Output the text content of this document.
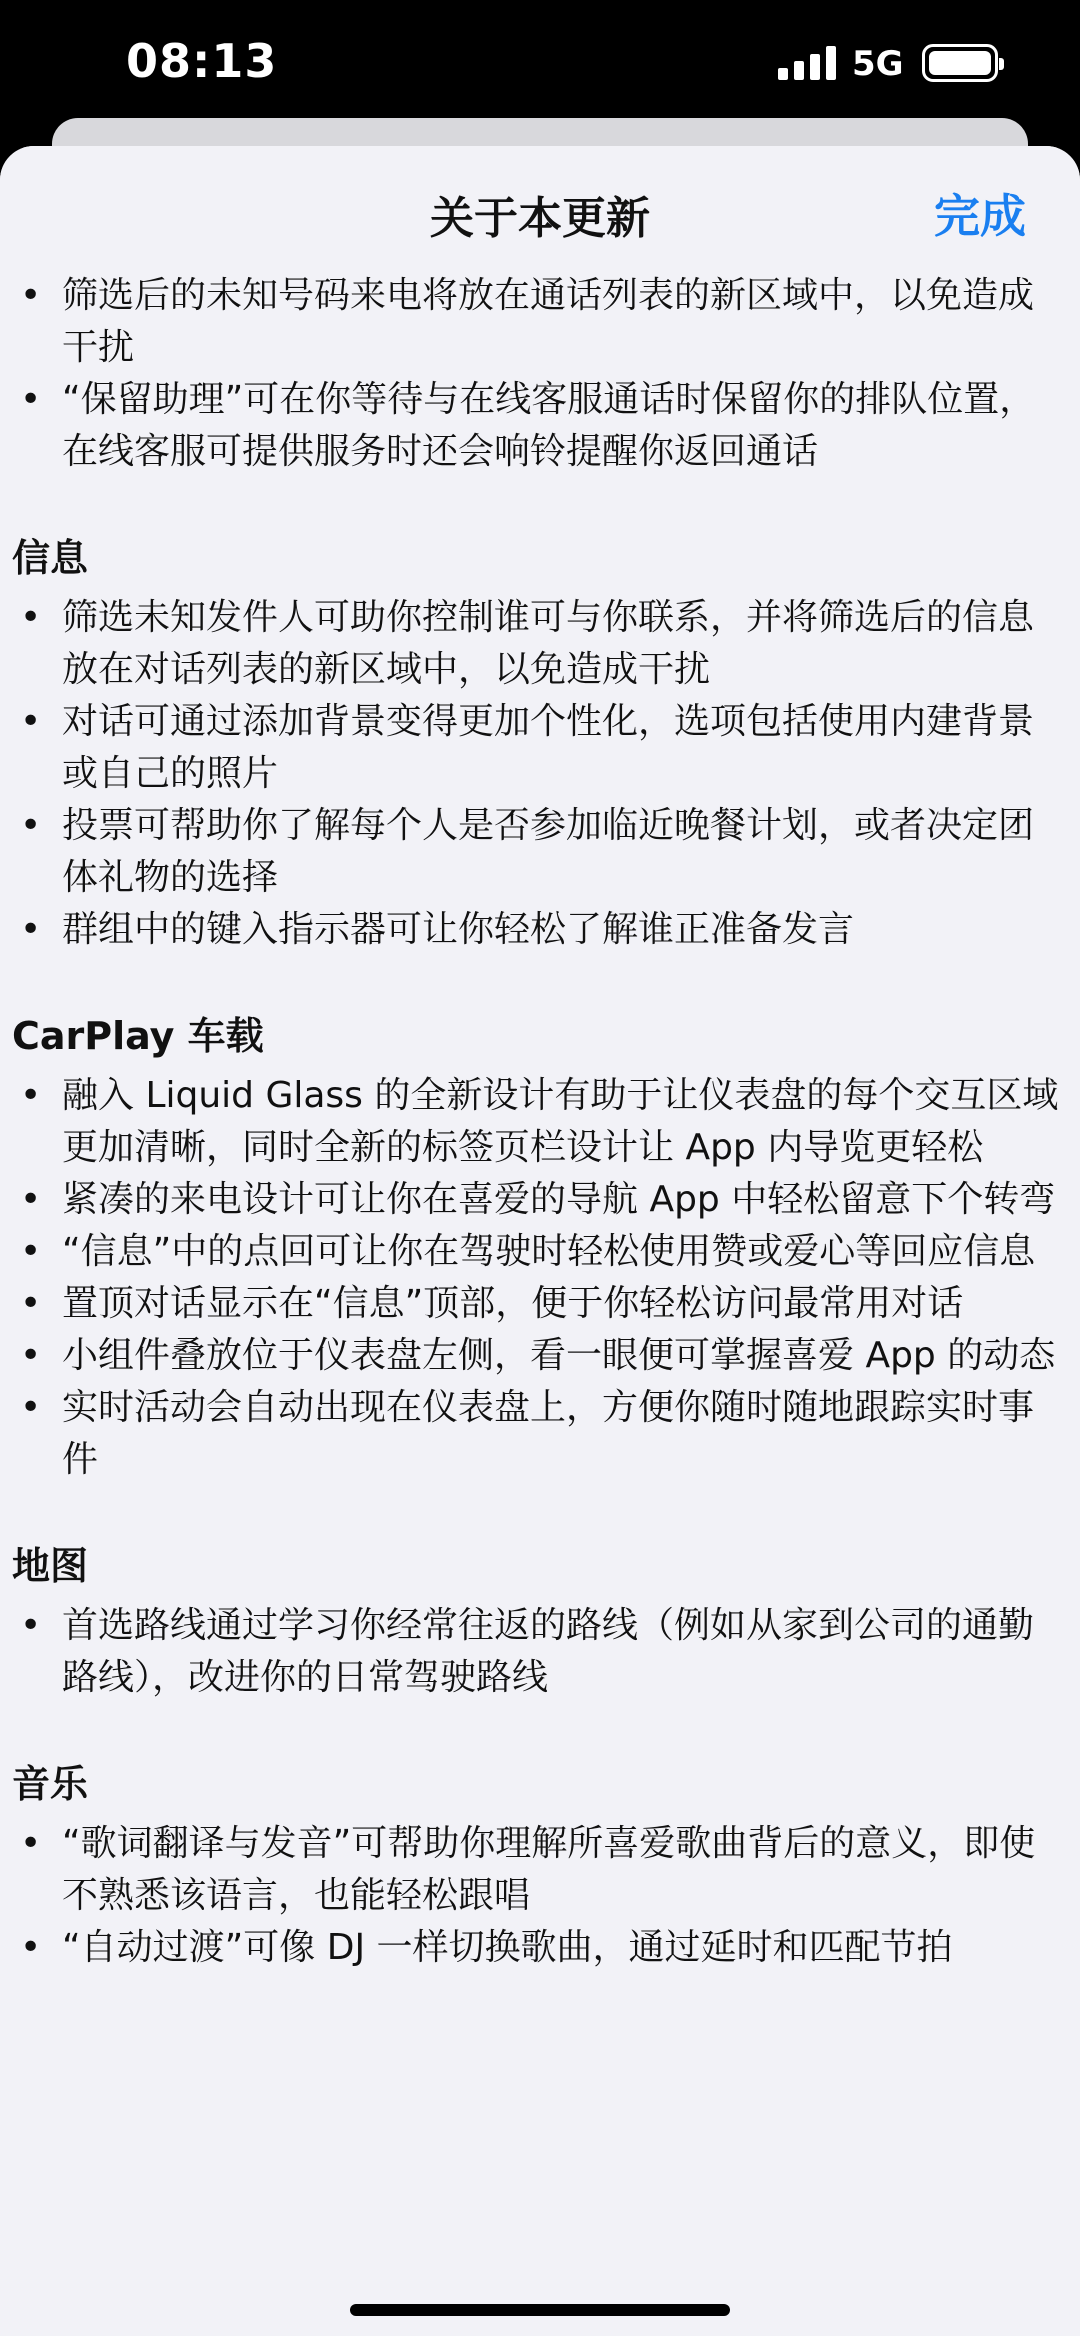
08:13	5G
关于本更新	完成
• 筛选后的未知号码来电将放在通话列表的新区域中，以免造成干扰
• “保留助理”可在你等待与在线客服通话时保留你的排队位置，在线客服可提供服务时还会响铃提醒你返回通话
信息
• 筛选未知发件人可助你控制谁可与你联系，并将筛选后的信息放在对话列表的新区域中，以免造成干扰
• 对话可通过添加背景变得更加个性化，选项包括使用内建背景或自己的照片
• 投票可帮助你了解每个人是否参加临近晚餐计划，或者决定团体礼物的选择
• 群组中的键入指示器可让你轻松了解谁正准备发言
CarPlay 车载
• 融入 Liquid Glass 的全新设计有助于让仪表盘的每个交互区域更加清晰，同时全新的标签页栏设计让 App 内导览更轻松
• 紧凑的来电设计可让你在喜爱的导航 App 中轻松留意下个转弯
• “信息”中的点回可让你在驾驶时轻松使用赞或爱心等回应信息
• 置顶对话显示在“信息”顶部，便于你轻松访问最常用对话
• 小组件叠放位于仪表盘左侧，看一眼便可掌握喜爱 App 的动态
• 实时活动会自动出现在仪表盘上，方便你随时随地跟踪实时事件
地图
• 首选路线通过学习你经常往返的路线（例如从家到公司的通勤路线），改进你的日常驾驶路线
音乐
• “歌词翻译与发音”可帮助你理解所喜爱歌曲背后的意义，即使不熟悉该语言，也能轻松跟唱
• “自动过渡”可像 DJ 一样切换歌曲，通过延时和匹配节拍
